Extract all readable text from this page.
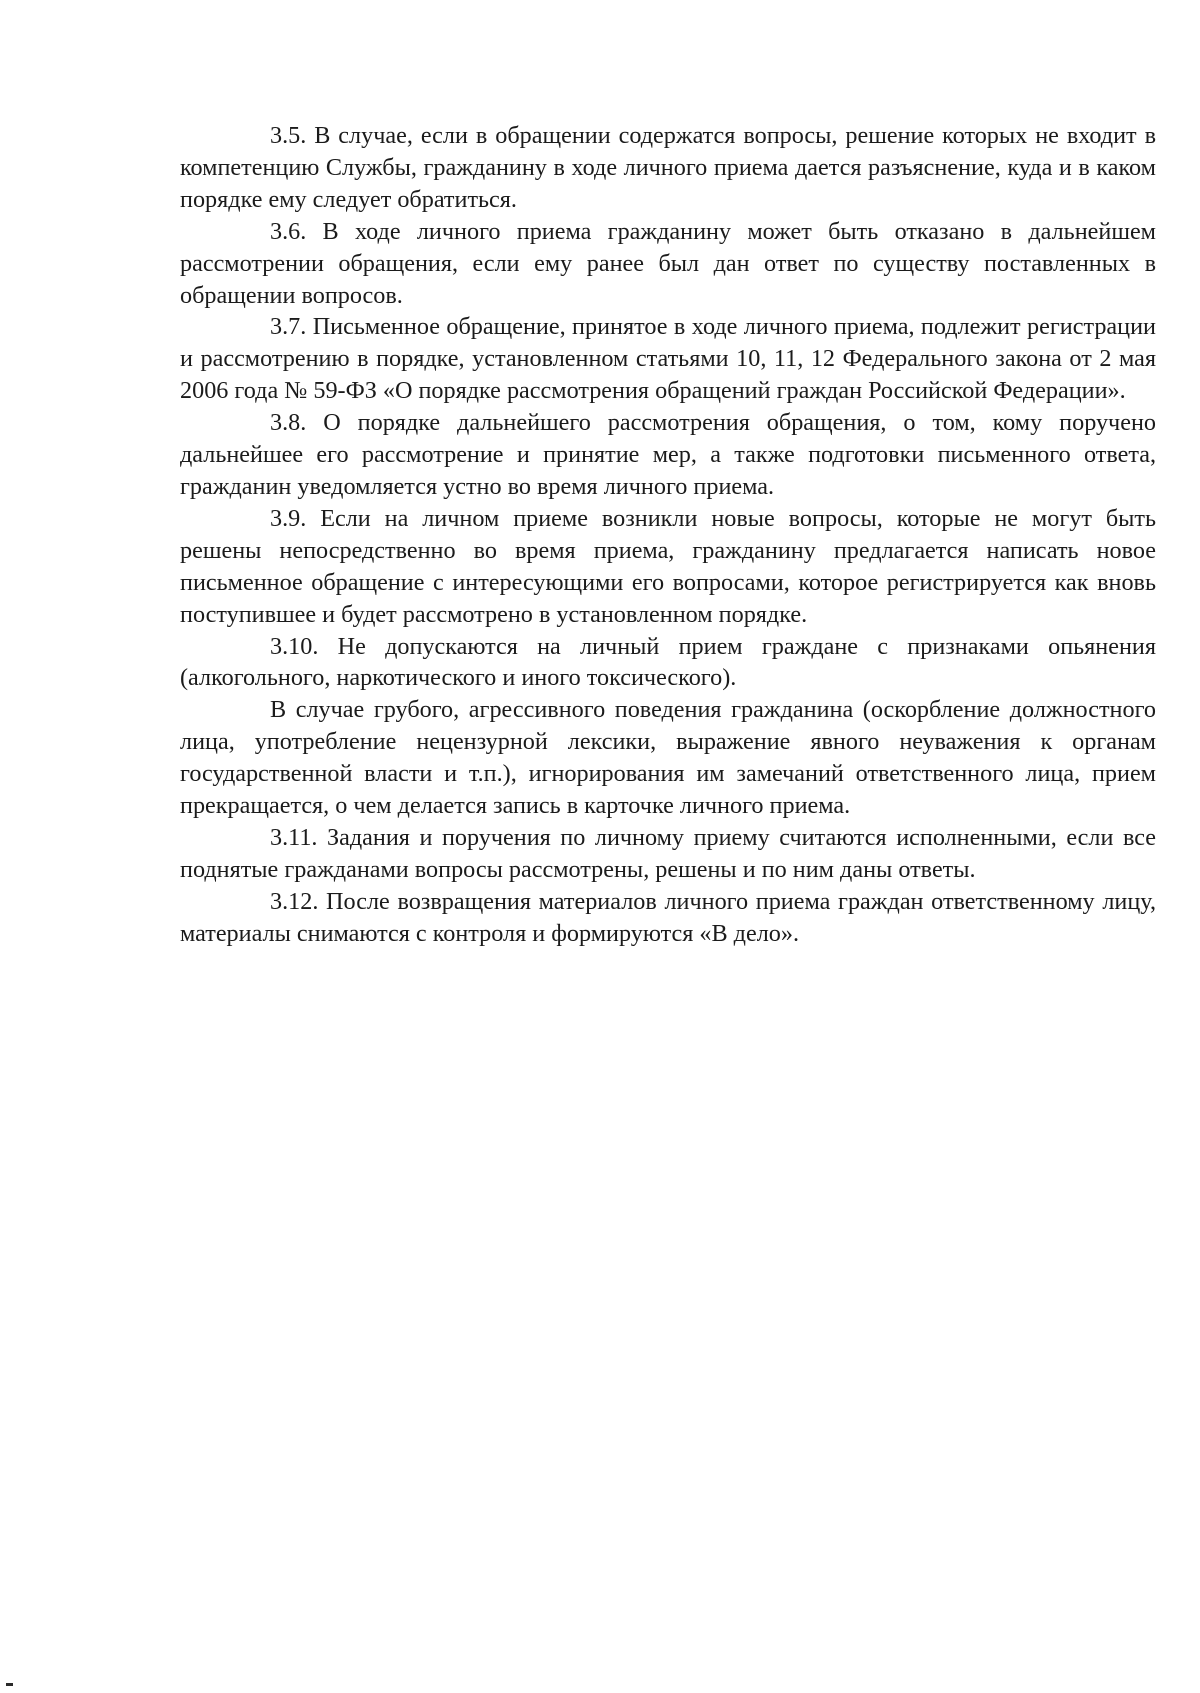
3.5. В случае, если в обращении содержатся вопросы, решение которых не входит в компетенцию Службы, гражданину в ходе личного приема дается разъяснение, куда и в каком порядке ему следует обратиться.

3.6. В ходе личного приема гражданину может быть отказано в дальнейшем рассмотрении обращения, если ему ранее был дан ответ по существу поставленных в обращении вопросов.

3.7. Письменное обращение, принятое в ходе личного приема, подлежит регистрации и рассмотрению в порядке, установленном статьями 10, 11, 12 Федерального закона от 2 мая 2006 года № 59-ФЗ «О порядке рассмотрения обращений граждан Российской Федерации».

3.8. О порядке дальнейшего рассмотрения обращения, о том, кому поручено дальнейшее его рассмотрение и принятие мер, а также подготовки письменного ответа, гражданин уведомляется устно во время личного приема.

3.9. Если на личном приеме возникли новые вопросы, которые не могут быть решены непосредственно во время приема, гражданину предлагается написать новое письменное обращение с интересующими его вопросами, которое регистрируется как вновь поступившее и будет рассмотрено в установленном порядке.

3.10. Не допускаются на личный прием граждане с признаками опьянения (алкогольного, наркотического и иного токсического).

В случае грубого, агрессивного поведения гражданина (оскорбление должностного лица, употребление нецензурной лексики, выражение явного неуважения к органам государственной власти и т.п.), игнорирования им замечаний ответственного лица, прием прекращается, о чем делается запись в карточке личного приема.

3.11. Задания и поручения по личному приему считаются исполненными, если все поднятые гражданами вопросы рассмотрены, решены и по ним даны ответы.

3.12. После возвращения материалов личного приема граждан ответственному лицу, материалы снимаются с контроля и формируются «В дело».
